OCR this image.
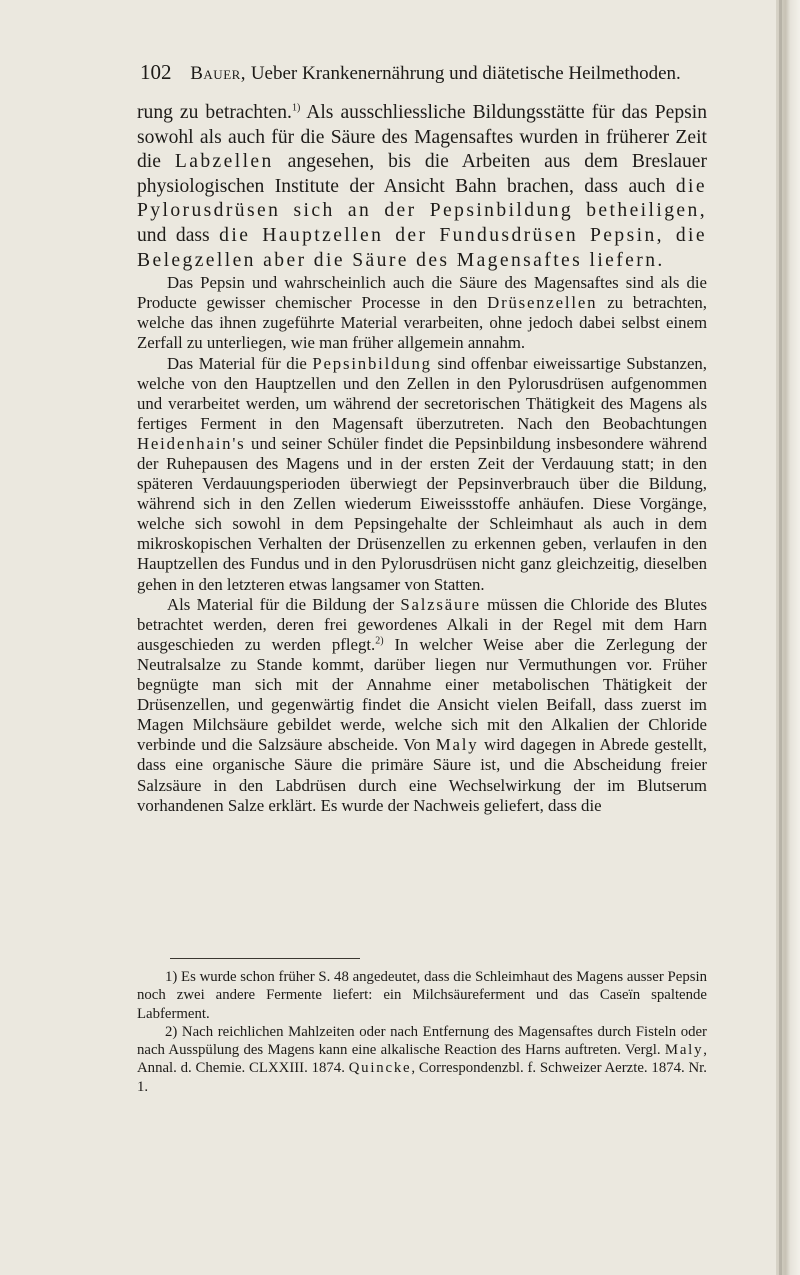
102 Bauer, Ueber Krankenernährung und diätetische Heilmethoden.

rung zu betrachten.$^{1)}$ Als ausschliessliche Bildungsstätte für das Pepsin sowohl als auch für die Säure des Magensaftes wurden in früherer Zeit die Labzellen angesehen, bis die Arbeiten aus dem Breslauer physiologischen Institute der Ansicht Bahn brachen, dass auch die Pylorusdrüsen sich an der Pepsinbildung betheiligen, und dass die Hauptzellen der Fundusdrüsen Pepsin, die Belegzellen aber die Säure des Magensaftes liefern.

Das Pepsin und wahrscheinlich auch die Säure des Magensaftes sind als die Producte gewisser chemischer Processe in den Drüsenzellen zu betrachten, welche das ihnen zugeführte Material verarbeiten, ohne jedoch dabei selbst einem Zerfall zu unterliegen, wie man früher allgemein annahm.

Das Material für die Pepsinbildung sind offenbar eiweissartige Substanzen, welche von den Hauptzellen und den Zellen in den Pylorusdrüsen aufgenommen und verarbeitet werden, um während der secretorischen Thätigkeit des Magens als fertiges Ferment in den Magensaft überzutreten. Nach den Beobachtungen Heidenhain's und seiner Schüler findet die Pepsinbildung insbesondere während der Ruhepausen des Magens und in der ersten Zeit der Verdauung statt; in den späteren Verdauungsperioden überwiegt der Pepsinverbrauch über die Bildung, während sich in den Zellen wiederum Eiweissstoffe anhäufen. Diese Vorgänge, welche sich sowohl in dem Pepsingehalte der Schleimhaut als auch in dem mikroskopischen Verhalten der Drüsenzellen zu erkennen geben, verlaufen in den Hauptzellen des Fundus und in den Pylorusdrüsen nicht ganz gleichzeitig, dieselben gehen in den letzteren etwas langsamer von Statten.

Als Material für die Bildung der Salzsäure müssen die Chloride des Blutes betrachtet werden, deren frei gewordenes Alkali in der Regel mit dem Harn ausgeschieden zu werden pflegt.$^{2)}$ In welcher Weise aber die Zerlegung der Neutralsalze zu Stande kommt, darüber liegen nur Vermuthungen vor. Früher begnügte man sich mit der Annahme einer metabolischen Thätigkeit der Drüsenzellen, und gegenwärtig findet die Ansicht vielen Beifall, dass zuerst im Magen Milchsäure gebildet werde, welche sich mit den Alkalien der Chloride verbinde und die Salzsäure abscheide. Von Maly wird dagegen in Abrede gestellt, dass eine organische Säure die primäre Säure ist, und die Abscheidung freier Salzsäure in den Labdrüsen durch eine Wechselwirkung der im Blutserum vorhandenen Salze erklärt. Es wurde der Nachweis geliefert, dass die

1) Es wurde schon früher S. 48 angedeutet, dass die Schleimhaut des Magens ausser Pepsin noch zwei andere Fermente liefert: ein Milchsäureferment und das Caseïn spaltende Labferment.

2) Nach reichlichen Mahlzeiten oder nach Entfernung des Magensaftes durch Fisteln oder nach Ausspülung des Magens kann eine alkalische Reaction des Harns auftreten. Vergl. Maly, Annal. d. Chemie. CLXXIII. 1874. Quincke, Correspondenzbl. f. Schweizer Aerzte. 1874. Nr. 1.
